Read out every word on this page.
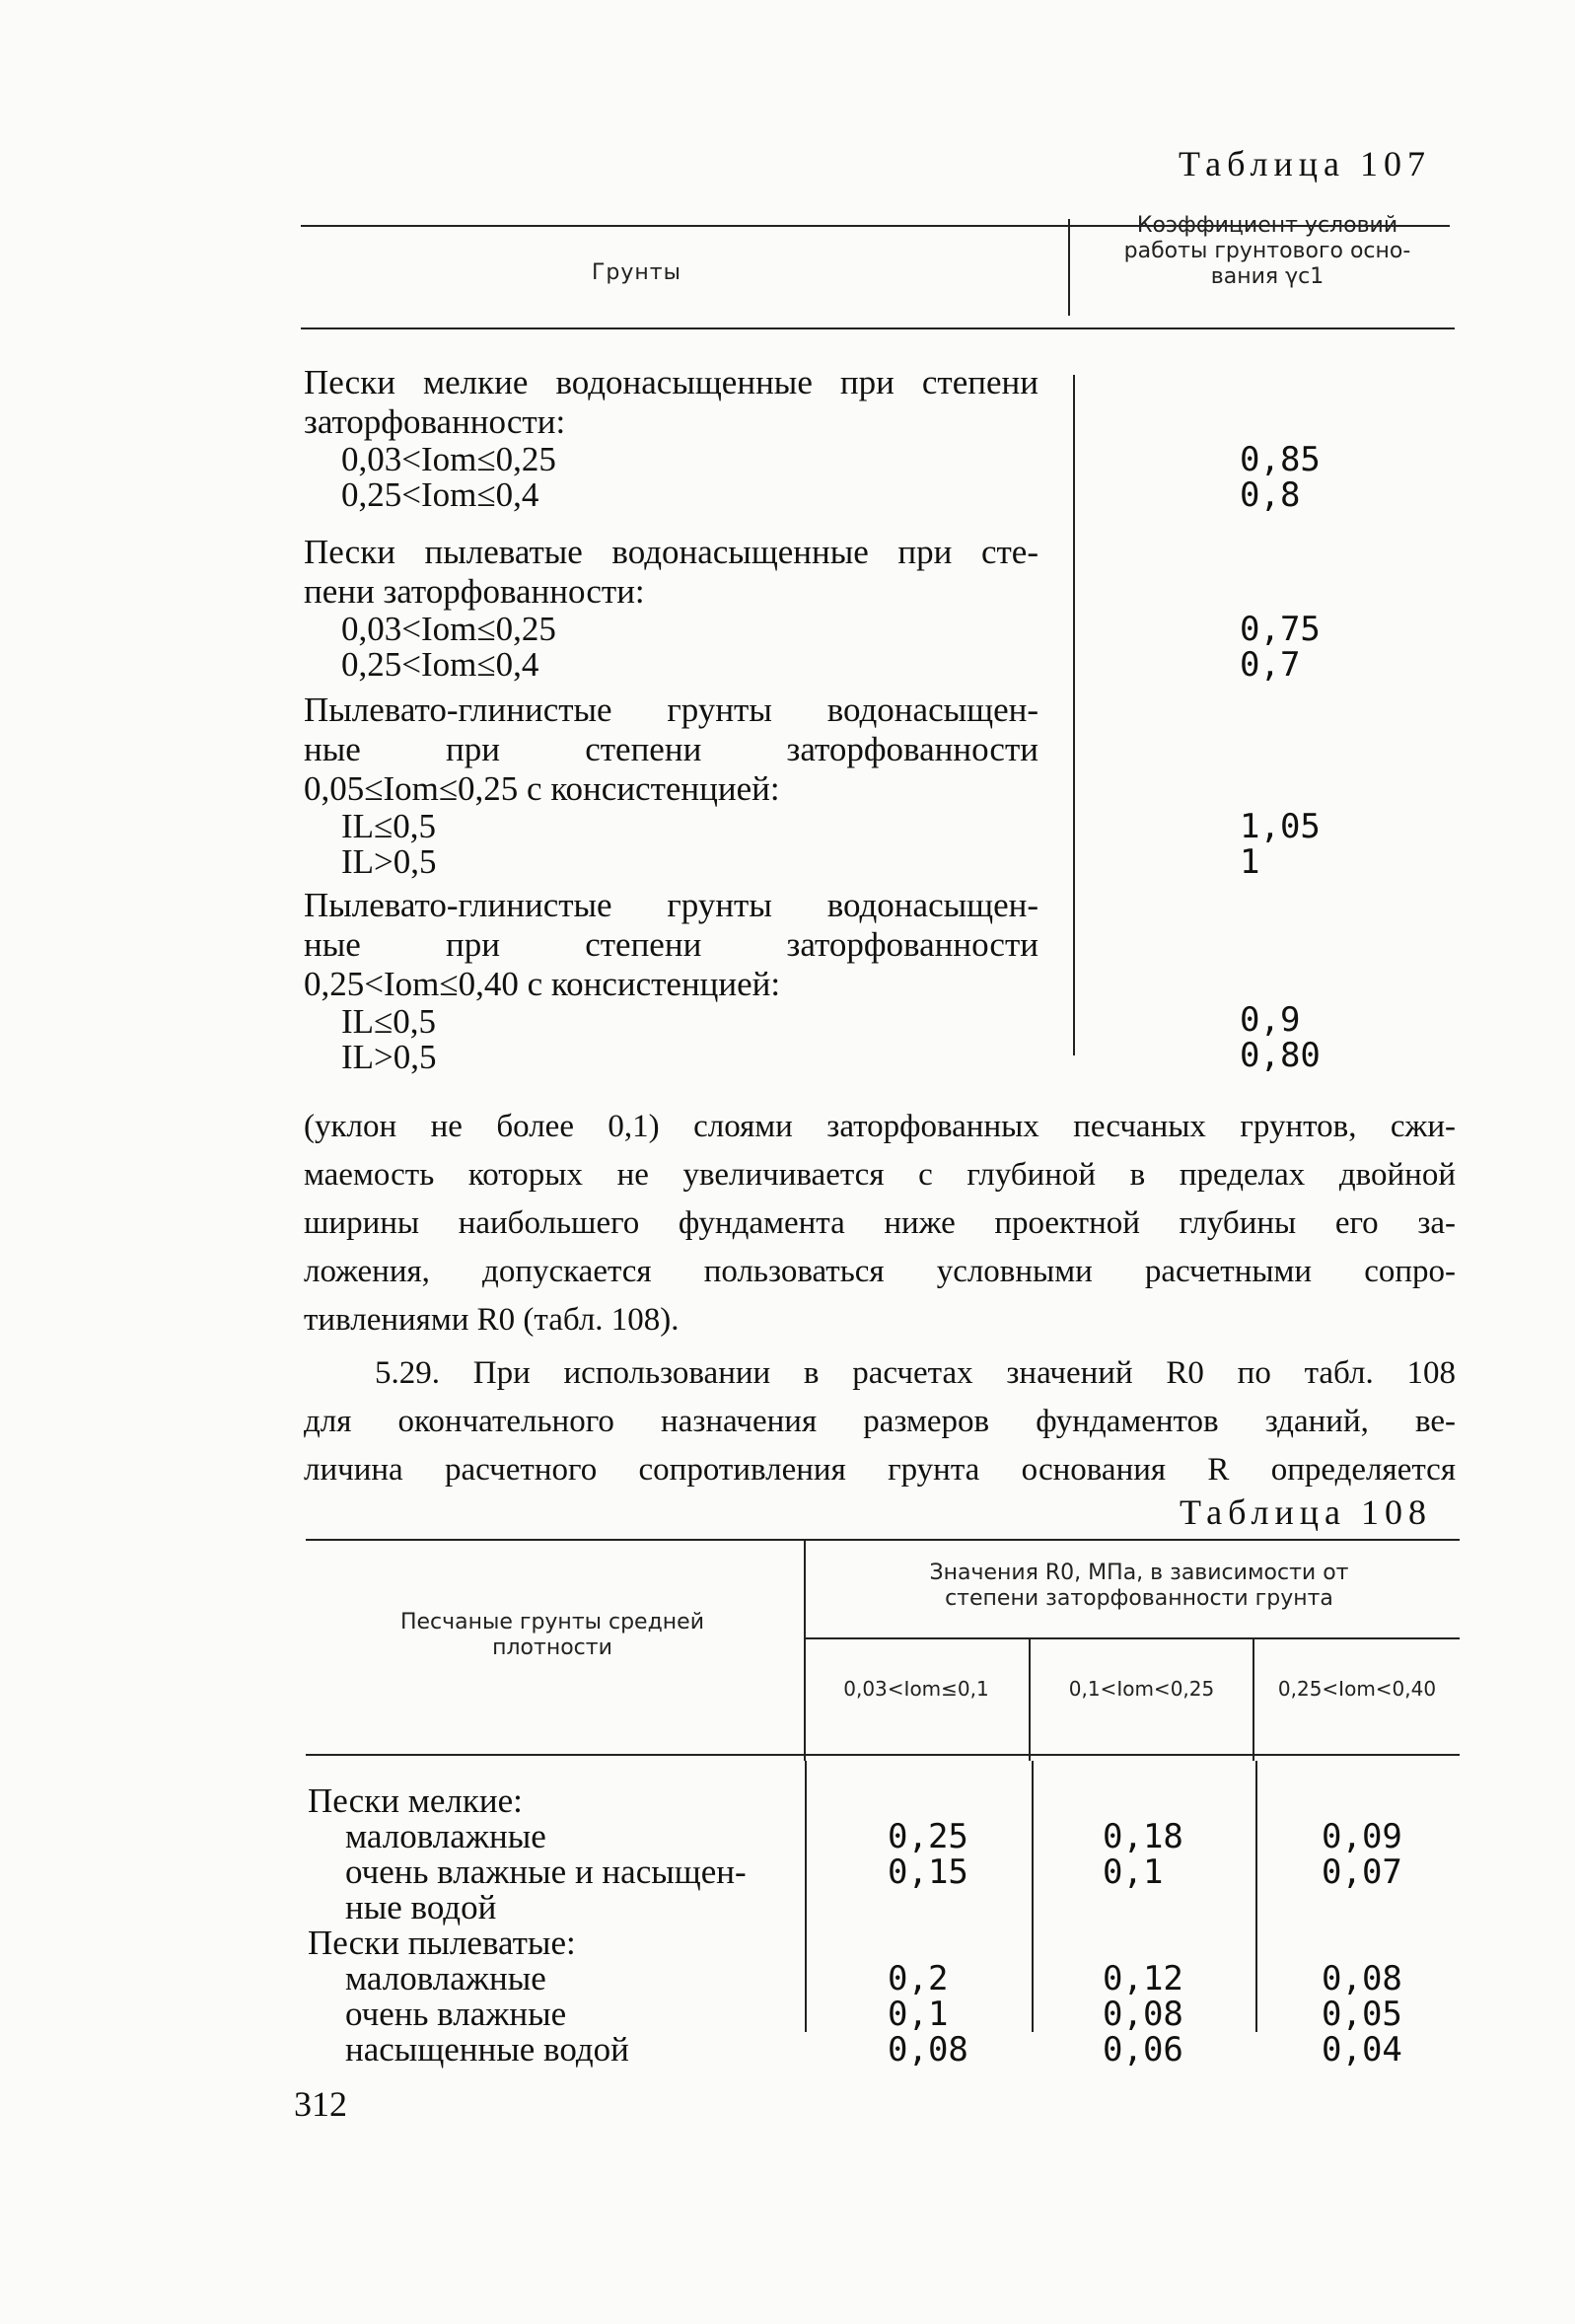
Таблица 107
Грунты
Коэффициент условий
работы грунтового осно-
вания γc1
Пески мелкие водонасыщенные при степени
заторфованности:
0,03<Iom≤0,25
0,25<Iom≤0,4
0,85
0,8
Пески пылеватые водонасыщенные при сте-
пени заторфованности:
0,03<Iom≤0,25
0,25<Iom≤0,4
0,75
0,7
Пылевато-глинистые грунты водонасыщен-
ные при степени заторфованности
0,05≤Iom≤0,25 с консистенцией:
IL≤0,5
IL>0,5
1,05
1
Пылевато-глинистые грунты водонасыщен-
ные при степени заторфованности
0,25<Iom≤0,40 с консистенцией:
IL≤0,5
IL>0,5
0,9
0,80
(уклон не более 0,1) слоями заторфованных песчаных грунтов, сжи-
маемость которых не увеличивается с глубиной в пределах двойной
ширины наибольшего фундамента ниже проектной глубины его за-
ложения, допускается пользоваться условными расчетными сопро-
тивлениями R0 (табл. 108).
5.29. При использовании в расчетах значений R0 по табл. 108
для окончательного назначения размеров фундаментов зданий, ве-
личина расчетного сопротивления грунта основания R определяется
Таблица 108
Песчаные грунты средней
плотности
Значения R0, МПа, в зависимости от
степени заторфованности грунта
0,03<Iom≤0,1	0,1<Iom<0,25	0,25<Iom<0,40
Пески мелкие:
маловлажные
очень влажные и насыщен-
ные водой
Пески пылеватые:
маловлажные
очень влажные
насыщенные водой
0,25
0,15
0,2
0,1
0,08
0,18
0,1
0,12
0,08
0,06
0,09
0,07
0,08
0,05
0,04
312
